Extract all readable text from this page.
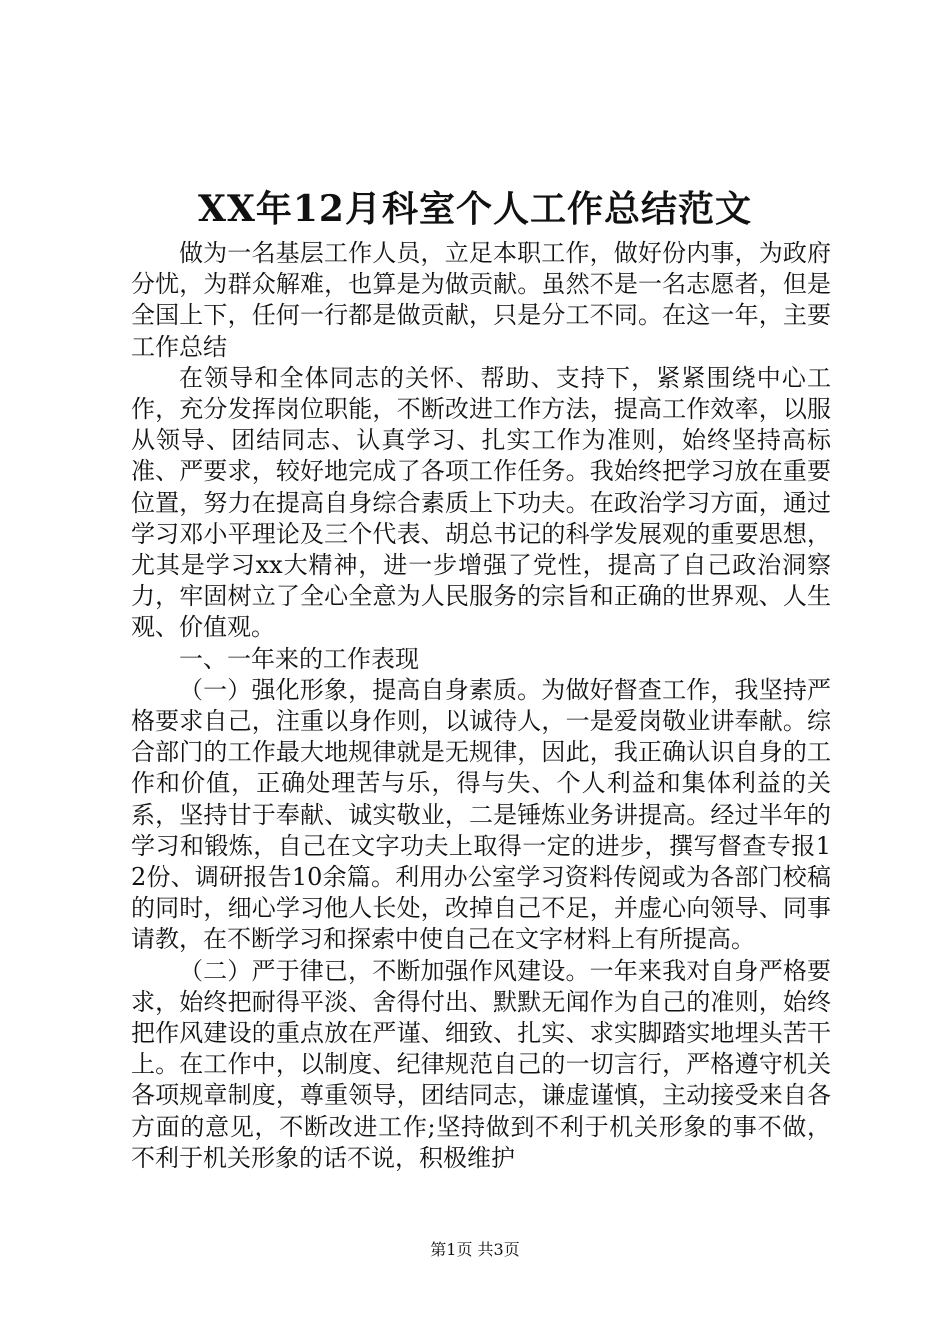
XX年12月科室个人工作总结范文

做为一名基层工作人员，立足本职工作，做好份内事，为政府分忧，为群众解难，也算是为做贡献。虽然不是一名志愿者，但是全国上下，任何一行都是做贡献，只是分工不同。在这一年，主要工作总结

在领导和全体同志的关怀、帮助、支持下，紧紧围绕中心工作，充分发挥岗位职能，不断改进工作方法，提高工作效率，以服从领导、团结同志、认真学习、扎实工作为准则，始终坚持高标准、严要求，较好地完成了各项工作任务。我始终把学习放在重要位置，努力在提高自身综合素质上下功夫。在政治学习方面，通过学习邓小平理论及三个代表、胡总书记的科学发展观的重要思想，尤其是学习xx大精神，进一步增强了党性，提高了自己政治洞察力，牢固树立了全心全意为人民服务的宗旨和正确的世界观、人生观、价值观。

一、一年来的工作表现

（一）强化形象，提高自身素质。为做好督查工作，我坚持严格要求自己，注重以身作则，以诚待人，一是爱岗敬业讲奉献。综合部门的工作最大地规律就是无规律，因此，我正确认识自身的工作和价值，正确处理苦与乐，得与失、个人利益和集体利益的关系，坚持甘于奉献、诚实敬业，二是锤炼业务讲提高。经过半年的学习和锻炼，自己在文字功夫上取得一定的进步，撰写督查专报12份、调研报告10余篇。利用办公室学习资料传阅或为各部门校稿的同时，细心学习他人长处，改掉自己不足，并虚心向领导、同事请教，在不断学习和探索中使自己在文字材料上有所提高。

（二）严于律已，不断加强作风建设。一年来我对自身严格要求，始终把耐得平淡、舍得付出、默默无闻作为自己的准则，始终把作风建设的重点放在严谨、细致、扎实、求实脚踏实地埋头苦干上。在工作中，以制度、纪律规范自己的一切言行，严格遵守机关各项规章制度，尊重领导，团结同志，谦虚谨慎，主动接受来自各方面的意见，不断改进工作;坚持做到不利于机关形象的事不做，不利于机关形象的话不说，积极维护

第1页 共3页
